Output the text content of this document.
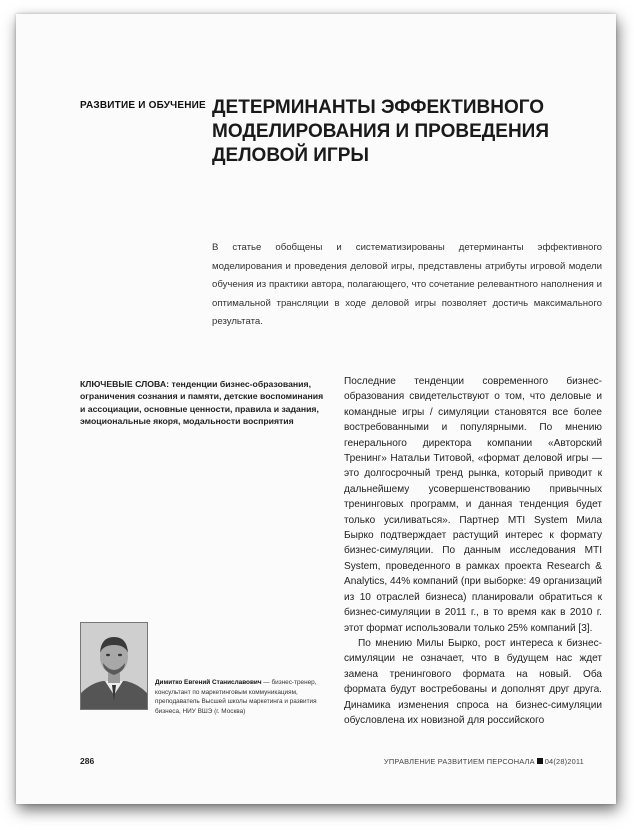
РАЗВИТИЕ И ОБУЧЕНИЕ ДЕТЕРМИНАНТЫ ЭФФЕКТИВНОГО МОДЕЛИРОВАНИЯ И ПРОВЕДЕНИЯ ДЕЛОВОЙ ИГРЫ
В статье обобщены и систематизированы детерминанты эффективного моделирования и проведения деловой игры, представлены атрибуты игровой модели обучения из практики автора, полагающего, что сочетание релевантного наполнения и оптимальной трансляции в ходе деловой игры позволяет достичь максимального результата.
КЛЮЧЕВЫЕ СЛОВА: тенденции бизнес-образования, ограничения сознания и памяти, детские воспоминания и ассоциации, основные ценности, правила и задания, эмоциональные якоря, модальности восприятия

Последние тенденции современного бизнес-образования свидетельствуют о том, что деловые и командные игры / симуляции становятся все более востребованными и популярными. По мнению генерального директора компании «Авторский Тренинг» Натальи Титовой, «формат деловой игры — это долгосрочный тренд рынка, который приводит к дальнейшему усовершенствованию привычных тренинговых программ, и данная тенденция будет только усиливаться». Партнер MTI System Мила Бырко подтверждает растущий интерес к формату бизнес-симуляции. По данным исследования MTI System, проведенного в рамках проекта Research & Analytics, 44% компаний (при выборке: 49 организаций из 10 отраслей бизнеса) планировали обратиться к бизнес-симуляции в 2011 г., в то время как в 2010 г. этот формат использовали только 25% компаний [3].

По мнению Милы Бырко, рост интереса к бизнес-симуляции не означает, что в будущем нас ждет замена тренингового формата на новый. Оба формата будут востребованы и дополнят друг друга. Динамика изменения спроса на бизнес-симуляции обусловлена их новизной для российского

Димитко Евгений Станиславович — бизнес-тренер, консультант по маркетинговым коммуникациям, преподаватель Высшей школы маркетинга и развития бизнеса, НИУ ВШЭ (г. Москва)
286	УПРАВЛЕНИЕ РАЗВИТИЕМ ПЕРСОНАЛА 04(28)2011
